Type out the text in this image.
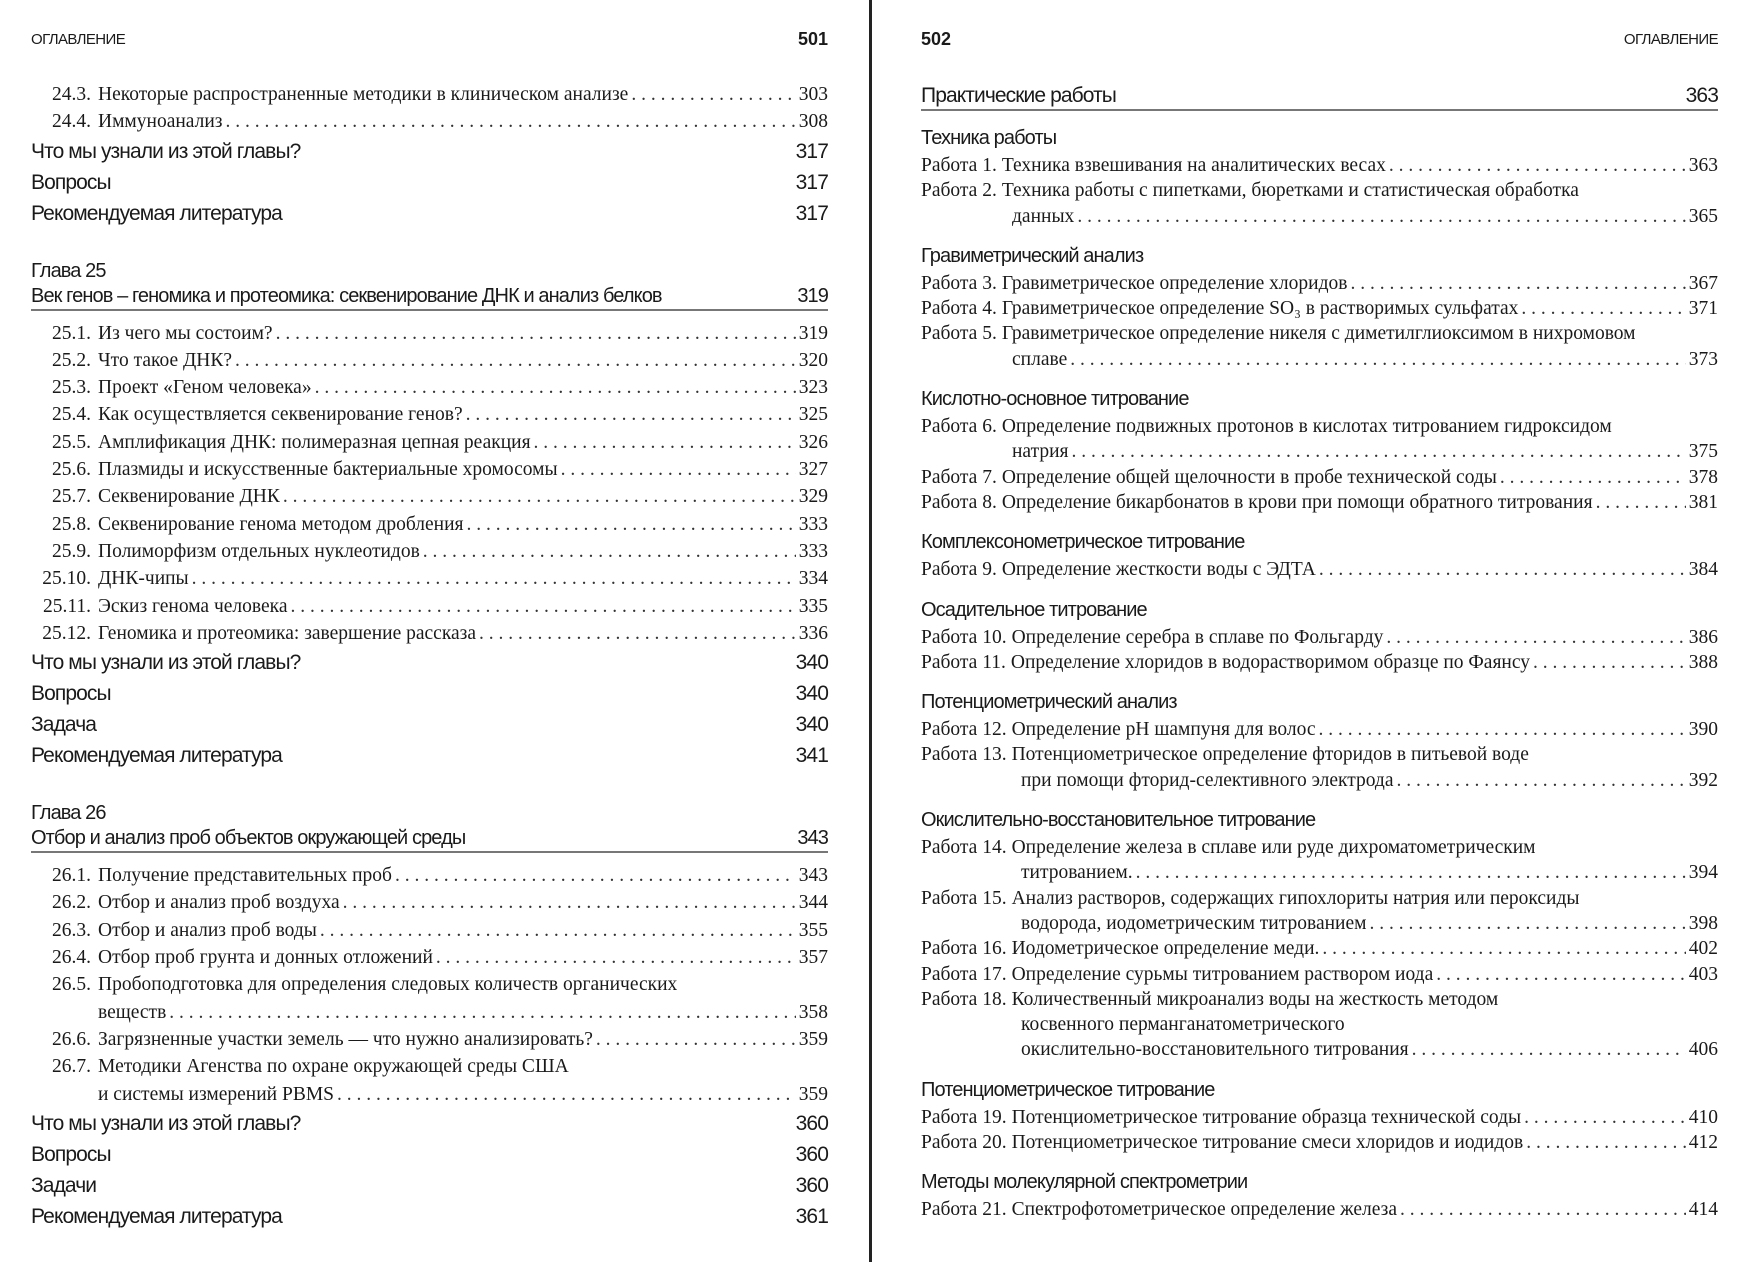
ОГЛАВЛЕНИЕ	501
24.3. Некоторые распространенные методики в клиническом анализе . . .	303
24.4. Иммуноанализ . . .	308
Что мы узнали из этой главы?	317
Вопросы	317
Рекомендуемая литература	317
Глава 25
Век генов – геномика и протеомика: секвенирование ДНК и анализ белков	319
25.1. Из чего мы состоим? . . .	319
25.2. Что такое ДНК? . . .	320
25.3. Проект «Геном человека» . . .	323
25.4. Как осуществляется секвенирование генов? . . .	325
25.5. Амплификация ДНК: полимеразная цепная реакция . . .	326
25.6. Плазмиды и искусственные бактериальные хромосомы . . .	327
25.7. Секвенирование ДНК . . .	329
25.8. Секвенирование генома методом дробления . . .	333
25.9. Полиморфизм отдельных нуклеотидов . . .	333
25.10. ДНК-чипы . . .	334
25.11. Эскиз генома человека . . .	335
25.12. Геномика и протеомика: завершение рассказа . . .	336
Что мы узнали из этой главы?	340
Вопросы	340
Задача	340
Рекомендуемая литература	341
Глава 26
Отбор и анализ проб объектов окружающей среды	343
26.1. Получение представительных проб . . .	343
26.2. Отбор и анализ проб воздуха . . .	344
26.3. Отбор и анализ проб воды . . .	355
26.4. Отбор проб грунта и донных отложений . . .	357
26.5. Пробоподготовка для определения следовых количеств органических
веществ . . .	358
26.6. Загрязненные участки земель — что нужно анализировать? . . .	359
26.7. Методики Агенства по охране окружающей среды США
и системы измерений PBMS . . .	359
Что мы узнали из этой главы?	360
Вопросы	360
Задачи	360
Рекомендуемая литература	361
502	ОГЛАВЛЕНИЕ
Практические работы	363
Техника работы
Работа 1. Техника взвешивания на аналитических весах . . .	363
Работа 2. Техника работы с пипетками, бюретками и статистическая обработка
данных . . .	365
Гравиметрический анализ
Работа 3. Гравиметрическое определение хлоридов . . .	367
Работа 4. Гравиметрическое определение SO₃ в растворимых сульфатах . . .	371
Работа 5. Гравиметрическое определение никеля с диметилглиоксимом в нихромовом
сплаве . . .	373
Кислотно-основное титрование
Работа 6. Определение подвижных протонов в кислотах титрованием гидроксидом
натрия . . .	375
Работа 7. Определение общей щелочности в пробе технической соды . . .	378
Работа 8. Определение бикарбонатов в крови при помощи обратного титрования . . .	381
Комплексонометрическое титрование
Работа 9. Определение жесткости воды с ЭДТА . . .	384
Осадительное титрование
Работа 10. Определение серебра в сплаве по Фольгарду . . .	386
Работа 11. Определение хлоридов в водорастворимом образце по Фаянсу . . .	388
Потенциометрический анализ
Работа 12. Определение pH шампуня для волос . . .	390
Работа 13. Потенциометрическое определение фторидов в питьевой воде
при помощи фторид-селективного электрода . . .	392
Окислительно-восстановительное титрование
Работа 14. Определение железа в сплаве или руде дихроматометрическим
титрованием. . . .	394
Работа 15. Анализ растворов, содержащих гипохлориты натрия или пероксиды
водорода, иодометрическим титрованием . . .	398
Работа 16. Иодометрическое определение меди. . . .	402
Работа 17. Определение сурьмы титрованием раствором иода . . .	403
Работа 18. Количественный микроанализ воды на жесткость методом
косвенного перманганатометрического
окислительно-восстановительного титрования . . .	406
Потенциометрическое титрование
Работа 19. Потенциометрическое титрование образца технической соды . . .	410
Работа 20. Потенциометрическое титрование смеси хлоридов и иодидов . . .	412
Методы молекулярной спектрометрии
Работа 21. Спектрофотометрическое определение железа . . .	414
